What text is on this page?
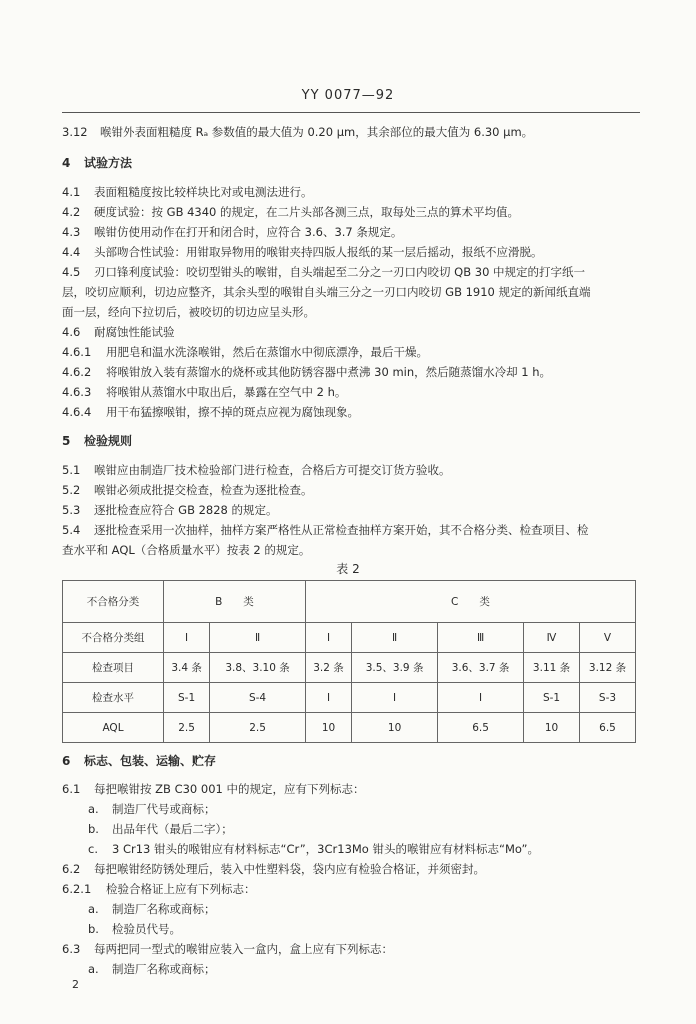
YY 0077—92
3.12 喉钳外表面粗糙度 Rₐ 参数值的最大值为 0.20 μm，其余部位的最大值为 6.30 μm。
4 试验方法
4.1 表面粗糙度按比较样块比对或电测法进行。
4.2 硬度试验：按 GB 4340 的规定，在二片头部各测三点，取每处三点的算术平均值。
4.3 喉钳仿使用动作在打开和闭合时，应符合 3.6、3.7 条规定。
4.4 头部吻合性试验：用钳取异物用的喉钳夹持四版人报纸的某一层后摇动，报纸不应滑脱。
4.5 刃口锋利度试验：咬切型钳头的喉钳，自头端起至二分之一刃口内咬切 QB 30 中规定的打字纸一
层，咬切应顺利，切边应整齐，其余头型的喉钳自头端三分之一刃口内咬切 GB 1910 规定的新闻纸直端
面一层，经向下拉切后，被咬切的切边应呈头形。
4.6 耐腐蚀性能试验
4.6.1 用肥皂和温水洗涤喉钳，然后在蒸馏水中彻底漂净，最后干燥。
4.6.2 将喉钳放入装有蒸馏水的烧杯或其他防锈容器中煮沸 30 min，然后随蒸馏水冷却 1 h。
4.6.3 将喉钳从蒸馏水中取出后，暴露在空气中 2 h。
4.6.4 用干布猛擦喉钳，擦不掉的斑点应视为腐蚀现象。
5 检验规则
5.1 喉钳应由制造厂技术检验部门进行检查，合格后方可提交订货方验收。
5.2 喉钳必须成批提交检查，检查为逐批检查。
5.3 逐批检查应符合 GB 2828 的规定。
5.4 逐批检查采用一次抽样，抽样方案严格性从正常检查抽样方案开始，其不合格分类、检查项目、检
查水平和 AQL（合格质量水平）按表 2 的规定。
表 2
不合格分类	B　　类		C　　类				
不合格分类组	Ⅰ	Ⅱ	Ⅰ	Ⅱ	Ⅲ	Ⅳ	Ⅴ
检查项目	3.4 条	3.8、3.10 条	3.2 条	3.5、3.9 条	3.6、3.7 条	3.11 条	3.12 条
检查水平	S-1	S-4	Ⅰ	Ⅰ	Ⅰ	S-1	S-3
AQL	2.5	2.5	10	10	6.5	10	6.5
6 标志、包装、运输、贮存
6.1 每把喉钳按 ZB C30 001 中的规定，应有下列标志：
a. 制造厂代号或商标；
b. 出品年代（最后二字）；
c. 3 Cr13 钳头的喉钳应有材料标志“Cr”，3Cr13Mo 钳头的喉钳应有材料标志“Mo”。
6.2 每把喉钳经防锈处理后，装入中性塑料袋，袋内应有检验合格证，并须密封。
6.2.1 检验合格证上应有下列标志：
a. 制造厂名称或商标；
b. 检验员代号。
6.3 每两把同一型式的喉钳应装入一盒内，盒上应有下列标志：
a. 制造厂名称或商标；
2
